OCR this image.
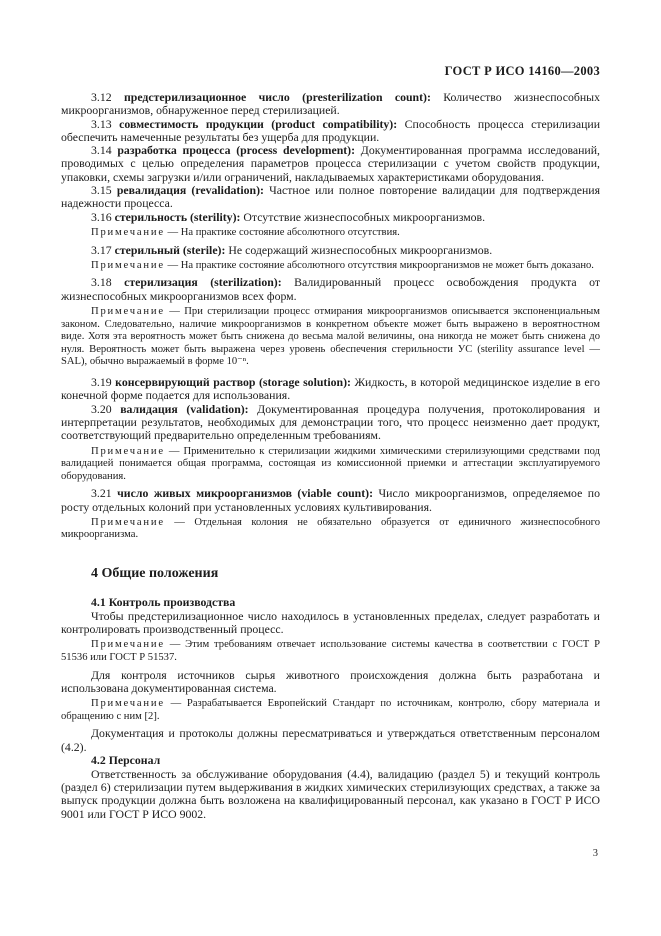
ГОСТ Р ИСО 14160—2003

3.12 предстерилизационное число (presterilization count): Количество жизнеспособных микроорганизмов, обнаруженное перед стерилизацией.

3.13 совместимость продукции (product compatibility): Способность процесса стерилизации обеспечить намеченные результаты без ущерба для продукции.

3.14 разработка процесса (process development): Документированная программа исследований, проводимых с целью определения параметров процесса стерилизации с учетом свойств продукции, упаковки, схемы загрузки и/или ограничений, накладываемых характеристиками оборудования.

3.15 ревалидация (revalidation): Частное или полное повторение валидации для подтверждения надежности процесса.

3.16 стерильность (sterility): Отсутствие жизнеспособных микроорганизмов.

Примечание — На практике состояние абсолютного отсутствия.

3.17 стерильный (sterile): Не содержащий жизнеспособных микроорганизмов.

Примечание — На практике состояние абсолютного отсутствия микроорганизмов не может быть доказано.

3.18 стерилизация (sterilization): Валидированный процесс освобождения продукта от жизнеспособных микроорганизмов всех форм.

Примечание — При стерилизации процесс отмирания микроорганизмов описывается экспоненциальным законом. Следовательно, наличие микроорганизмов в конкретном объекте может быть выражено в вероятностном виде. Хотя эта вероятность может быть снижена до весьма малой величины, она никогда не может быть снижена до нуля. Вероятность может быть выражена через уровень обеспечения стерильности УС (sterility assurance level — SAL), обычно выражаемый в форме 10⁻ⁿ.

3.19 консервирующий раствор (storage solution): Жидкость, в которой медицинское изделие в его конечной форме подается для использования.

3.20 валидация (validation): Документированная процедура получения, протоколирования и интерпретации результатов, необходимых для демонстрации того, что процесс неизменно дает продукт, соответствующий предварительно определенным требованиям.

Примечание — Применительно к стерилизации жидкими химическими стерилизующими средствами под валидацией понимается общая программа, состоящая из комиссионной приемки и аттестации эксплуатируемого оборудования.

3.21 число живых микроорганизмов (viable count): Число микроорганизмов, определяемое по росту отдельных колоний при установленных условиях культивирования.

Примечание — Отдельная колония не обязательно образуется от единичного жизнеспособного микроорганизма.

4 Общие положения
4.1 Контроль производства

Чтобы предстерилизационное число находилось в установленных пределах, следует разработать и контролировать производственный процесс.

Примечание — Этим требованиям отвечает использование системы качества в соответствии с ГОСТ Р 51536 или ГОСТ Р 51537.

Для контроля источников сырья животного происхождения должна быть разработана и использована документированная система.

Примечание — Разрабатывается Европейский Стандарт по источникам, контролю, сбору материала и обращению с ним [2].

Документация и протоколы должны пересматриваться и утверждаться ответственным персоналом (4.2).

4.2 Персонал

Ответственность за обслуживание оборудования (4.4), валидацию (раздел 5) и текущий контроль (раздел 6) стерилизации путем выдерживания в жидких химических стерилизующих средствах, а также за выпуск продукции должна быть возложена на квалифицированный персонал, как указано в ГОСТ Р ИСО 9001 или ГОСТ Р ИСО 9002.

3
